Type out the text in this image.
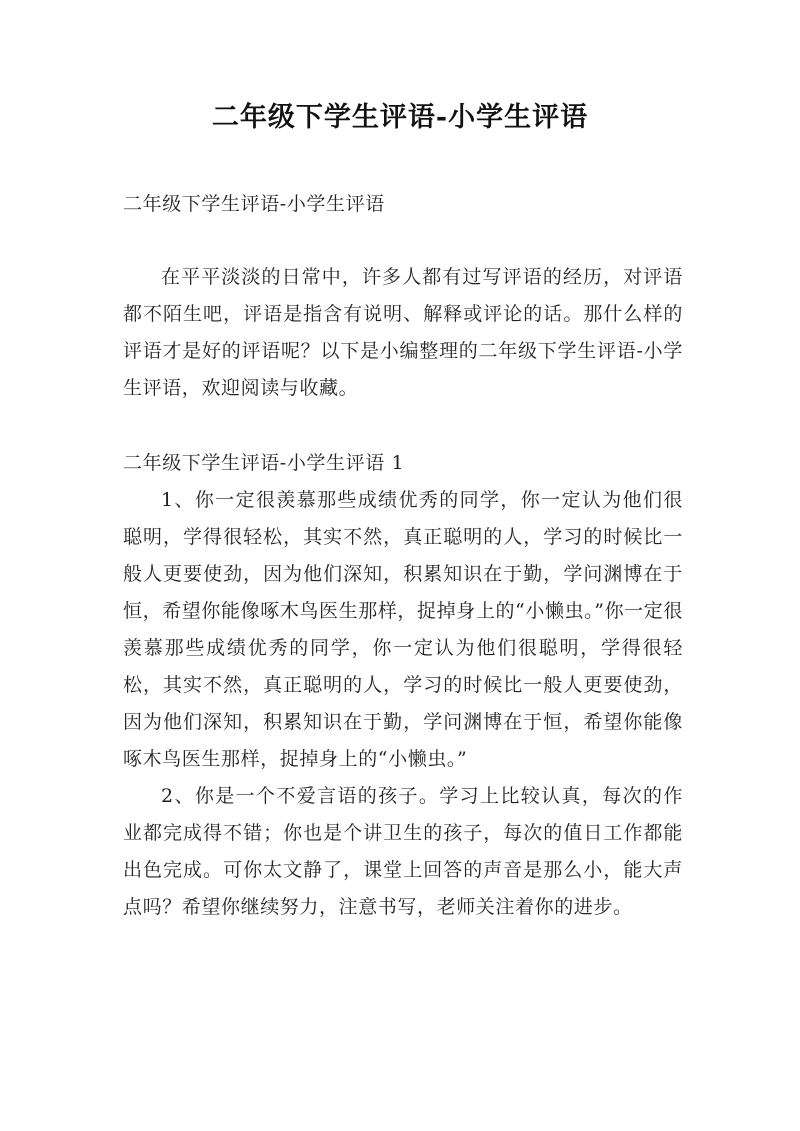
二年级下学生评语-小学生评语

二年级下学生评语-小学生评语

在平平淡淡的日常中，许多人都有过写评语的经历，对评语都不陌生吧，评语是指含有说明、解释或评论的话。那什么样的评语才是好的评语呢？以下是小编整理的二年级下学生评语-小学生评语，欢迎阅读与收藏。

二年级下学生评语-小学生评语 1

1、你一定很羡慕那些成绩优秀的同学，你一定认为他们很聪明，学得很轻松，其实不然，真正聪明的人，学习的时候比一般人更要使劲，因为他们深知，积累知识在于勤，学问渊博在于恒，希望你能像啄木鸟医生那样，捉掉身上的“小懒虫。”你一定很羡慕那些成绩优秀的同学，你一定认为他们很聪明，学得很轻松，其实不然，真正聪明的人，学习的时候比一般人更要使劲，因为他们深知，积累知识在于勤，学问渊博在于恒，希望你能像啄木鸟医生那样，捉掉身上的“小懒虫。”

2、你是一个不爱言语的孩子。学习上比较认真，每次的作业都完成得不错；你也是个讲卫生的孩子，每次的值日工作都能出色完成。可你太文静了，课堂上回答的声音是那么小，能大声点吗？希望你继续努力，注意书写，老师关注着你的进步。
